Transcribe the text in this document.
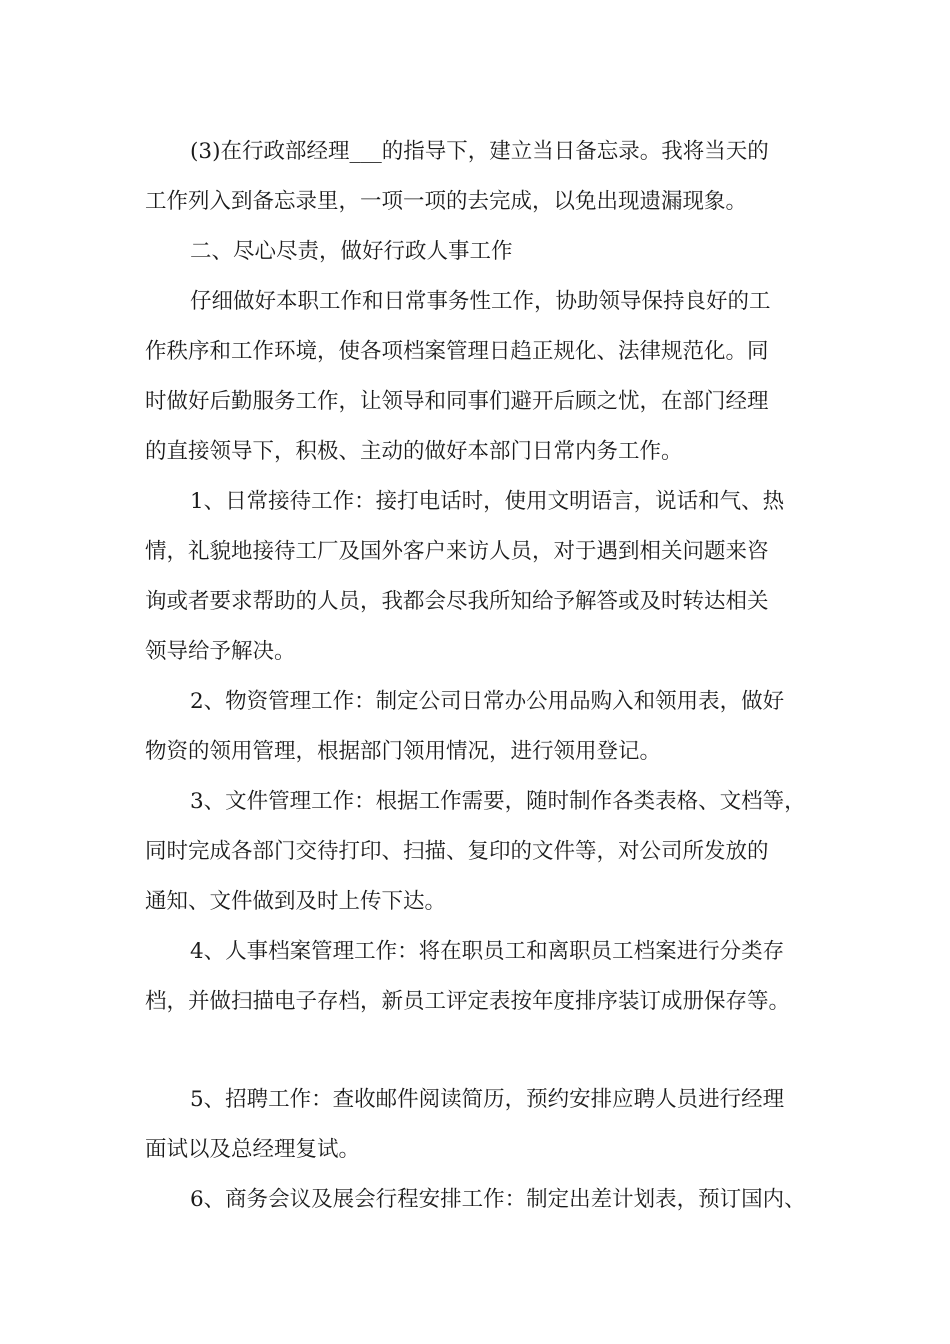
(3)在行政部经理___的指导下，建立当日备忘录。我将当天的
工作列入到备忘录里，一项一项的去完成，以免出现遗漏现象。
二、尽心尽责，做好行政人事工作
仔细做好本职工作和日常事务性工作，协助领导保持良好的工
作秩序和工作环境，使各项档案管理日趋正规化、法律规范化。同
时做好后勤服务工作，让领导和同事们避开后顾之忧，在部门经理
的直接领导下，积极、主动的做好本部门日常内务工作。
1、日常接待工作：接打电话时，使用文明语言，说话和气、热
情，礼貌地接待工厂及国外客户来访人员，对于遇到相关问题来咨
询或者要求帮助的人员，我都会尽我所知给予解答或及时转达相关
领导给予解决。
2、物资管理工作：制定公司日常办公用品购入和领用表，做好
物资的领用管理，根据部门领用情况，进行领用登记。
3、文件管理工作：根据工作需要，随时制作各类表格、文档等，
同时完成各部门交待打印、扫描、复印的文件等，对公司所发放的
通知、文件做到及时上传下达。
4、人事档案管理工作：将在职员工和离职员工档案进行分类存
档，并做扫描电子存档，新员工评定表按年度排序装订成册保存等。
5、招聘工作：查收邮件阅读简历，预约安排应聘人员进行经理
面试以及总经理复试。
6、商务会议及展会行程安排工作：制定出差计划表，预订国内、
